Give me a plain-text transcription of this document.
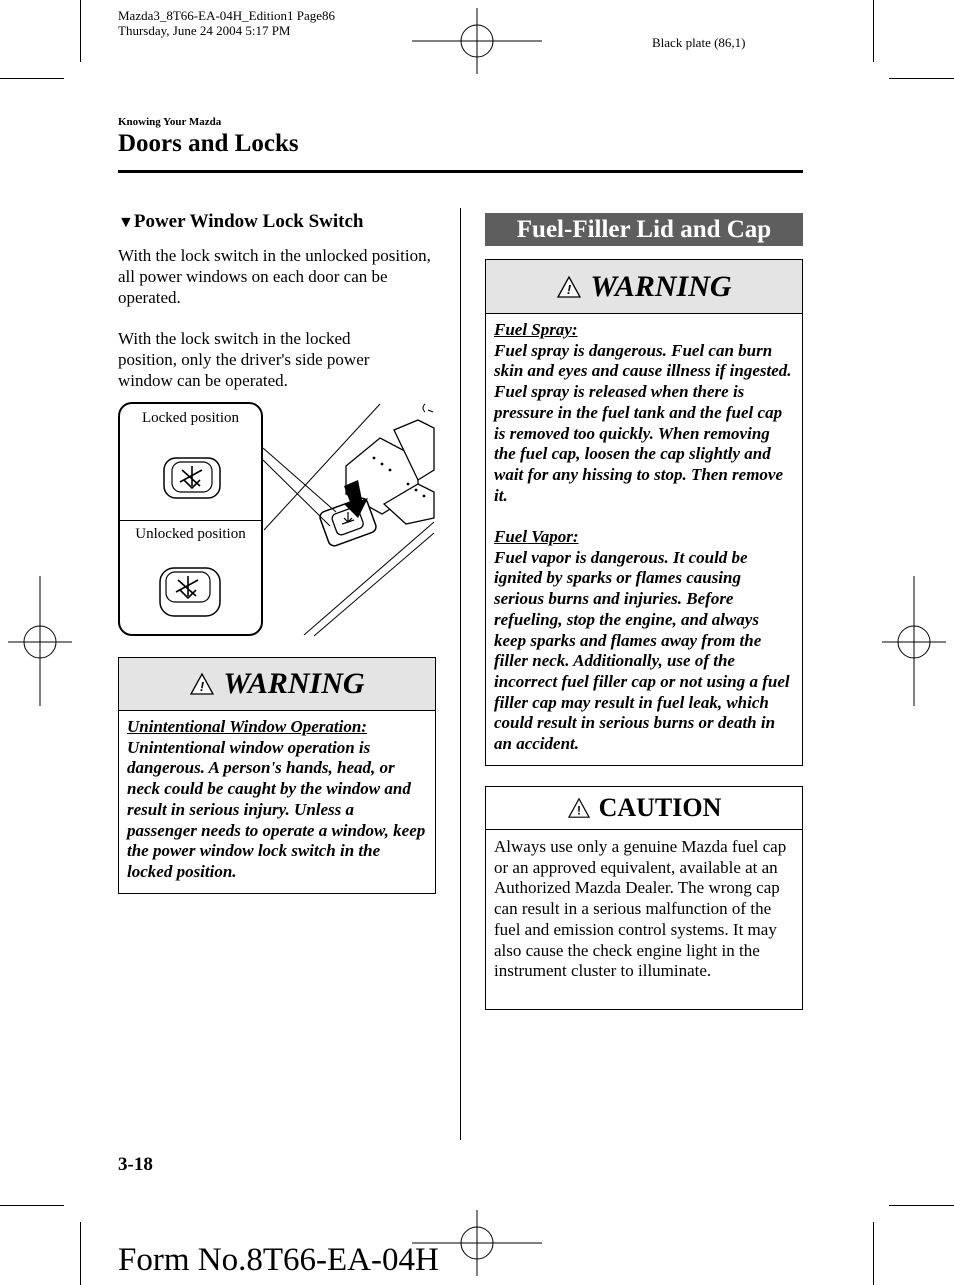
Mazda3_8T66-EA-04H_Edition1 Page86
Thursday, June 24 2004 5:17 PM
Black plate (86,1)
Knowing Your Mazda
Doors and Locks
▼Power Window Lock Switch
With the lock switch in the unlocked position, all power windows on each door can be operated.
With the lock switch in the locked position, only the driver's side power window can be operated.
Locked position
Unlocked position
! WARNING
Unintentional Window Operation:

Unintentional window operation is dangerous. A person's hands, head, or neck could be caught by the window and result in serious injury. Unless a passenger needs to operate a window, keep the power window lock switch in the locked position.

Fuel-Filler Lid and Cap
! WARNING
Fuel Spray:

Fuel spray is dangerous. Fuel can burn skin and eyes and cause illness if ingested. Fuel spray is released when there is pressure in the fuel tank and the fuel cap is removed too quickly. When removing the fuel cap, loosen the cap slightly and wait for any hissing to stop. Then remove it.

Fuel Vapor:

Fuel vapor is dangerous. It could be ignited by sparks or flames causing serious burns and injuries. Before refueling, stop the engine, and always keep sparks and flames away from the filler neck. Additionally, use of the incorrect fuel filler cap or not using a fuel filler cap may result in fuel leak, which could result in serious burns or death in an accident.

! CAUTION
Always use only a genuine Mazda fuel cap or an approved equivalent, available at an Authorized Mazda Dealer. The wrong cap can result in a serious malfunction of the fuel and emission control systems. It may also cause the check engine light in the instrument cluster to illuminate.
3-18
Form No.8T66-EA-04H
